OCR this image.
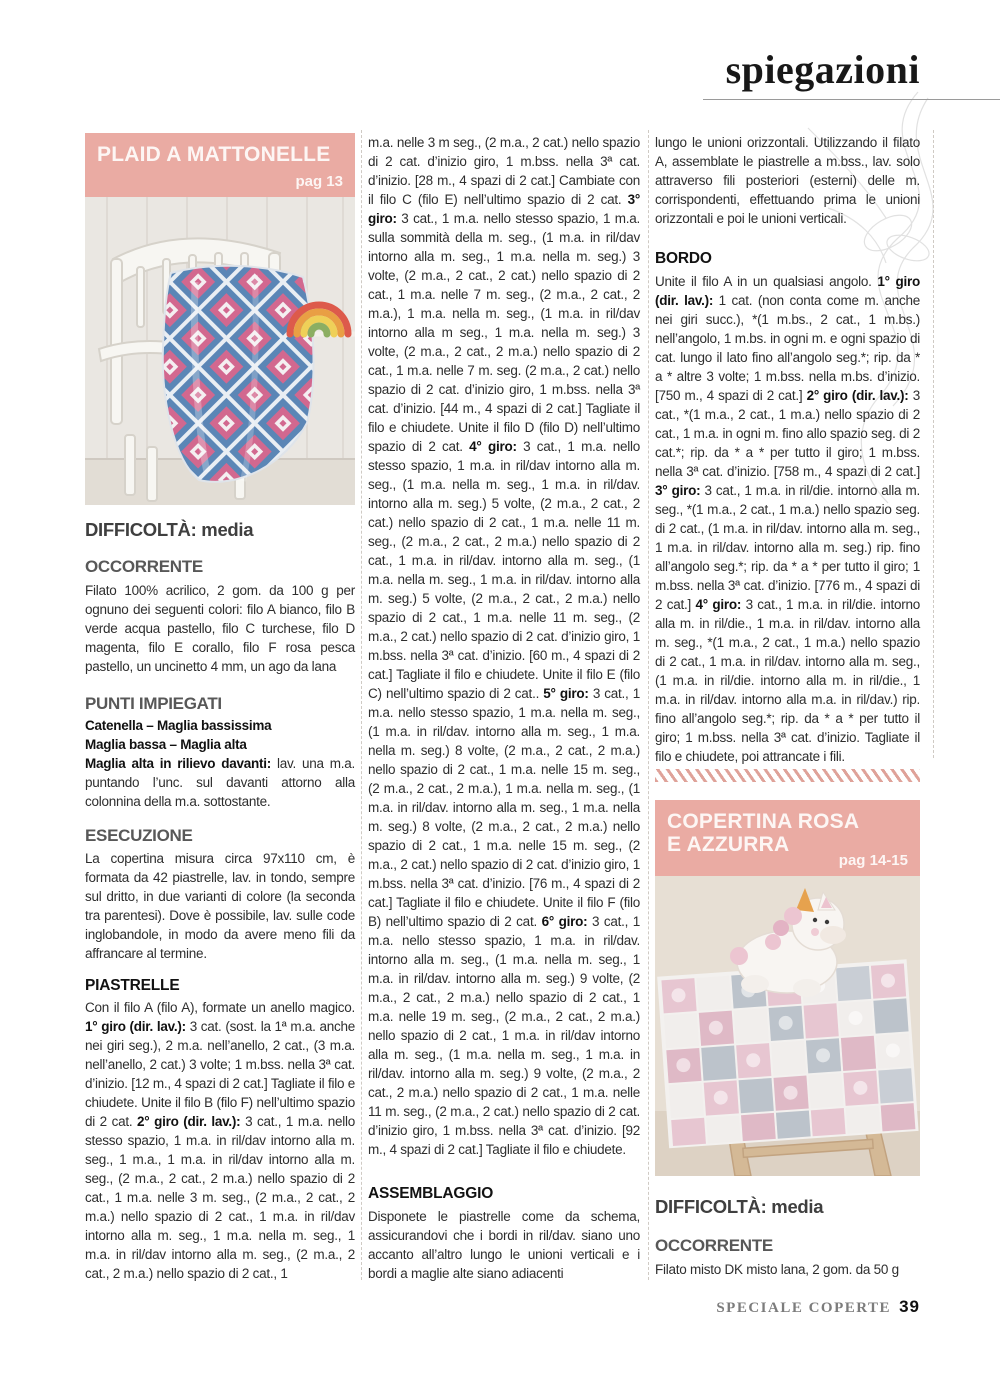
spiegazioni
PLAID A MATTONELLE
pag 13
DIFFICOLTÀ: media
OCCORRENTE
Filato 100% acrilico, 2 gom. da 100 g per ognuno dei seguenti colori: filo A bianco, filo B verde acqua pastello, filo C turchese, filo D magenta, filo E corallo, filo F rosa pesca pastello, un uncinetto 4 mm, un ago da lana
PUNTI IMPIEGATI
Catenella – Maglia bassissima
Maglia bassa – Maglia alta
Maglia alta in rilievo davanti: lav. una m.a. puntando l’unc. sul davanti attorno alla colonnina della m.a. sottostante.
ESECUZIONE
La copertina misura circa 97x110 cm, è formata da 42 piastrelle, lav. in tondo, sempre sul dritto, in due varianti di colore (la seconda tra parentesi). Dove è possibile, lav. sulle code inglobandole, in modo da avere meno fili da affrancare al termine.
PIASTRELLE
Con il filo A (filo A), formate un anello magico. 1° giro (dir. lav.): 3 cat. (sost. la 1ª m.a. anche nei giri seg.), 2 m.a. nell’anello, 2 cat., (3 m.a. nell’anello, 2 cat.) 3 volte; 1 m.bss. nella 3ª cat. d’inizio. [12 m., 4 spazi di 2 cat.] Tagliate il filo e chiudete. Unite il filo B (filo F) nell’ultimo spazio di 2 cat. 2° giro (dir. lav.): 3 cat., 1 m.a. nello stesso spazio, 1 m.a. in ril/dav intorno alla m. seg., 1 m.a., 1 m.a. in ril/dav intorno alla m. seg., (2 m.a., 2 cat., 2 m.a.) nello spazio di 2 cat., 1 m.a. nelle 3 m. seg., (2 m.a., 2 cat., 2 m.a.) nello spazio di 2 cat., 1 m.a. in ril/dav intorno alla m. seg., 1 m.a. nella m. seg., 1 m.a. in ril/dav intorno alla m. seg., (2 m.a., 2 cat., 2 m.a.) nello spazio di 2 cat., 1
m.a. nelle 3 m seg., (2 m.a., 2 cat.) nello spazio di 2 cat. d’inizio giro, 1 m.bss. nella 3ª cat. d’inizio. [28 m., 4 spazi di 2 cat.] Cambiate con il filo C (filo E) nell’ultimo spazio di 2 cat. 3° giro: 3 cat., 1 m.a. nello stesso spazio, 1 m.a. sulla sommità della m. seg., (1 m.a. in ril/dav intorno alla m. seg., 1 m.a. nella m. seg.) 3 volte, (2 m.a., 2 cat., 2 cat.) nello spazio di 2 cat., 1 m.a. nelle 7 m. seg., (2 m.a., 2 cat., 2 m.a.), 1 m.a. nella m. seg., (1 m.a. in ril/dav intorno alla m seg., 1 m.a. nella m. seg.) 3 volte, (2 m.a., 2 cat., 2 m.a.) nello spazio di 2 cat., 1 m.a. nelle 7 m. seg. (2 m.a., 2 cat.) nello spazio di 2 cat. d’inizio giro, 1 m.bss. nella 3ª cat. d’inizio. [44 m., 4 spazi di 2 cat.] Tagliate il filo e chiudete. Unite il filo D (filo D) nell’ultimo spazio di 2 cat. 4° giro: 3 cat., 1 m.a. nello stesso spazio, 1 m.a. in ril/dav intorno alla m. seg., (1 m.a. nella m. seg., 1 m.a. in ril/dav. intorno alla m. seg.) 5 volte, (2 m.a., 2 cat., 2 cat.) nello spazio di 2 cat., 1 m.a. nelle 11 m. seg., (2 m.a., 2 cat., 2 m.a.) nello spazio di 2 cat., 1 m.a. in ril/dav. intorno alla m. seg., (1 m.a. nella m. seg., 1 m.a. in ril/dav. intorno alla m. seg.) 5 volte, (2 m.a., 2 cat., 2 m.a.) nello spazio di 2 cat., 1 m.a. nelle 11 m. seg., (2 m.a., 2 cat.) nello spazio di 2 cat. d’inizio giro, 1 m.bss. nella 3ª cat. d’inizio. [60 m., 4 spazi di 2 cat.] Tagliate il filo e chiudete. Unite il filo E (filo C) nell’ultimo spazio di 2 cat.. 5° giro: 3 cat., 1 m.a. nello stesso spazio, 1 m.a. nella m. seg., (1 m.a. in ril/dav. intorno alla m. seg., 1 m.a. nella m. seg.) 8 volte, (2 m.a., 2 cat., 2 m.a.) nello spazio di 2 cat., 1 m.a. nelle 15 m. seg., (2 m.a., 2 cat., 2 m.a.), 1 m.a. nella m. seg., (1 m.a. in ril/dav. intorno alla m. seg., 1 m.a. nella m. seg.) 8 volte, (2 m.a., 2 cat., 2 m.a.) nello spazio di 2 cat., 1 m.a. nelle 15 m. seg., (2 m.a., 2 cat.) nello spazio di 2 cat. d’inizio giro, 1 m.bss. nella 3ª cat. d’inizio. [76 m., 4 spazi di 2 cat.] Tagliate il filo e chiudete. Unite il filo F (filo B) nell’ultimo spazio di 2 cat. 6° giro: 3 cat., 1 m.a. nello stesso spazio, 1 m.a. in ril/dav. intorno alla m. seg., (1 m.a. nella m. seg., 1 m.a. in ril/dav. intorno alla m. seg.) 9 volte, (2 m.a., 2 cat., 2 m.a.) nello spazio di 2 cat., 1 m.a. nelle 19 m. seg., (2 m.a., 2 cat., 2 m.a.) nello spazio di 2 cat., 1 m.a. in ril/dav intorno alla m. seg., (1 m.a. nella m. seg., 1 m.a. in ril/dav. intorno alla m. seg.) 9 volte, (2 m.a., 2 cat., 2 m.a.) nello spazio di 2 cat., 1 m.a. nelle 11 m. seg., (2 m.a., 2 cat.) nello spazio di 2 cat. d’inizio giro, 1 m.bss. nella 3ª cat. d’inizio. [92 m., 4 spazi di 2 cat.] Tagliate il filo e chiudete.
ASSEMBLAGGIO
Disponete le piastrelle come da schema, assicurandovi che i bordi in ril/dav. siano uno accanto all’altro lungo le unioni verticali e i bordi a maglie alte siano adiacenti
lungo le unioni orizzontali. Utilizzando il filato A, assemblate le piastrelle a m.bss., lav. solo attraverso fili posteriori (esterni) delle m. corrispondenti, effettuando prima le unioni orizzontali e poi le unioni verticali.
BORDO
Unite il filo A in un qualsiasi angolo. 1° giro (dir. lav.): 1 cat. (non conta come m. anche nei giri succ.), *(1 m.bs., 2 cat., 1 m.bs.) nell’angolo, 1 m.bs. in ogni m. e ogni spazio di cat. lungo il lato fino all’angolo seg.*; rip. da * a * altre 3 volte; 1 m.bss. nella m.bs. d’inizio. [750 m., 4 spazi di 2 cat.] 2° giro (dir. lav.): 3 cat., *(1 m.a., 2 cat., 1 m.a.) nello spazio di 2 cat., 1 m.a. in ogni m. fino allo spazio seg. di 2 cat.*; rip. da * a * per tutto il giro; 1 m.bss. nella 3ª cat. d’inizio. [758 m., 4 spazi di 2 cat.] 3° giro: 3 cat., 1 m.a. in ril/die. intorno alla m. seg., *(1 m.a., 2 cat., 1 m.a.) nello spazio seg. di 2 cat., (1 m.a. in ril/dav. intorno alla m. seg., 1 m.a. in ril/dav. intorno alla m. seg.) rip. fino all’angolo seg.*; rip. da * a * per tutto il giro; 1 m.bss. nella 3ª cat. d’inizio. [776 m., 4 spazi di 2 cat.] 4° giro: 3 cat., 1 m.a. in ril/die. intorno alla m. in ril/die., 1 m.a. in ril/dav. intorno alla m. seg., *(1 m.a., 2 cat., 1 m.a.) nello spazio di 2 cat., 1 m.a. in ril/dav. intorno alla m. seg., (1 m.a. in ril/die. intorno alla m. in ril/die., 1 m.a. in ril/dav. intorno alla m.a. in ril/dav.) rip. fino all’angolo seg.*; rip. da * a * per tutto il giro; 1 m.bss. nella 3ª cat. d’inizio. Tagliate il filo e chiudete, poi attrancate i fili.
COPERTINA ROSA
E AZZURRA
pag 14-15
DIFFICOLTÀ: media
OCCORRENTE
Filato misto DK misto lana, 2 gom. da 50 g
SPECIALE COPERTE 39
